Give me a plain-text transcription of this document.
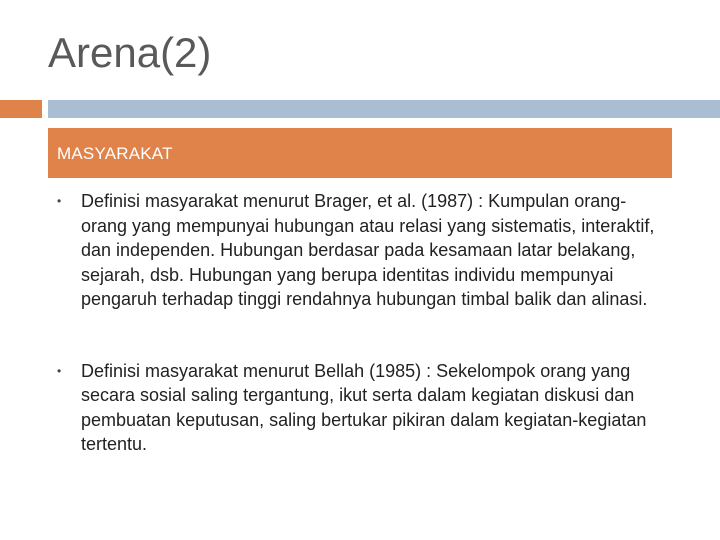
Arena(2)
MASYARAKAT
• Definisi masyarakat menurut Brager, et al. (1987) : Kumpulan orang-orang yang mempunyai hubungan atau relasi yang sistematis, interaktif, dan independen. Hubungan berdasar pada kesamaan latar belakang, sejarah, dsb. Hubungan yang berupa identitas individu mempunyai pengaruh terhadap tinggi rendahnya hubungan timbal balik dan alinasi.
• Definisi masyarakat menurut Bellah (1985) : Sekelompok orang yang secara sosial saling tergantung, ikut serta dalam kegiatan diskusi dan pembuatan keputusan, saling bertukar pikiran dalam kegiatan-kegiatan tertentu.
